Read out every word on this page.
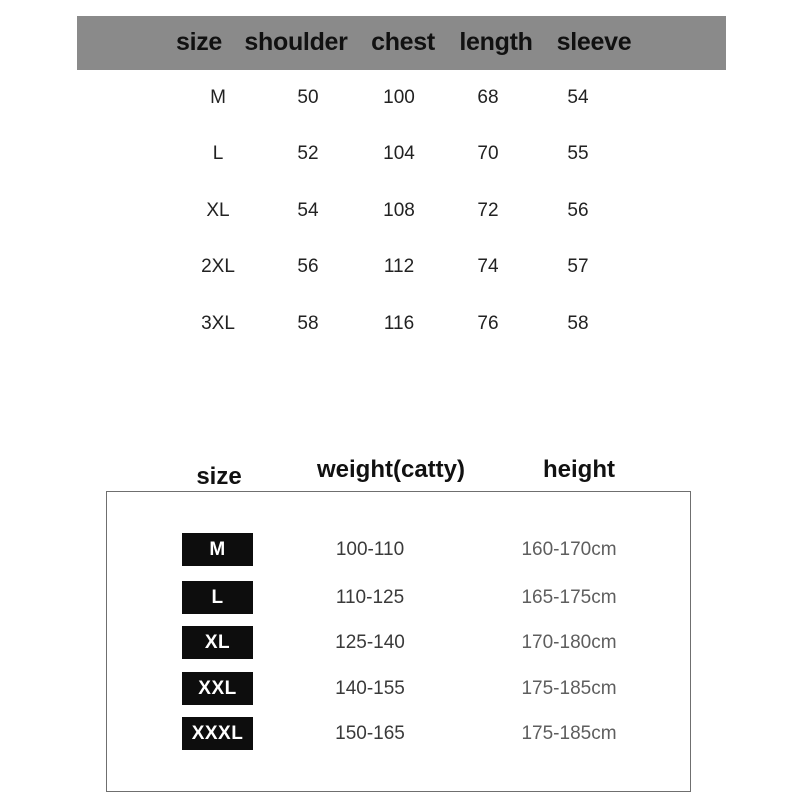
size shoulder chest length sleeve
M	50	100	68	54
L	52	104	70	55
XL	54	108	72	56
2XL	56	112	74	57
3XL	58	116	76	58
size	weight(catty)	height
M	100-110	160-170cm
L	110-125	165-175cm
XL	125-140	170-180cm
XXL	140-155	175-185cm
XXXL	150-165	175-185cm
